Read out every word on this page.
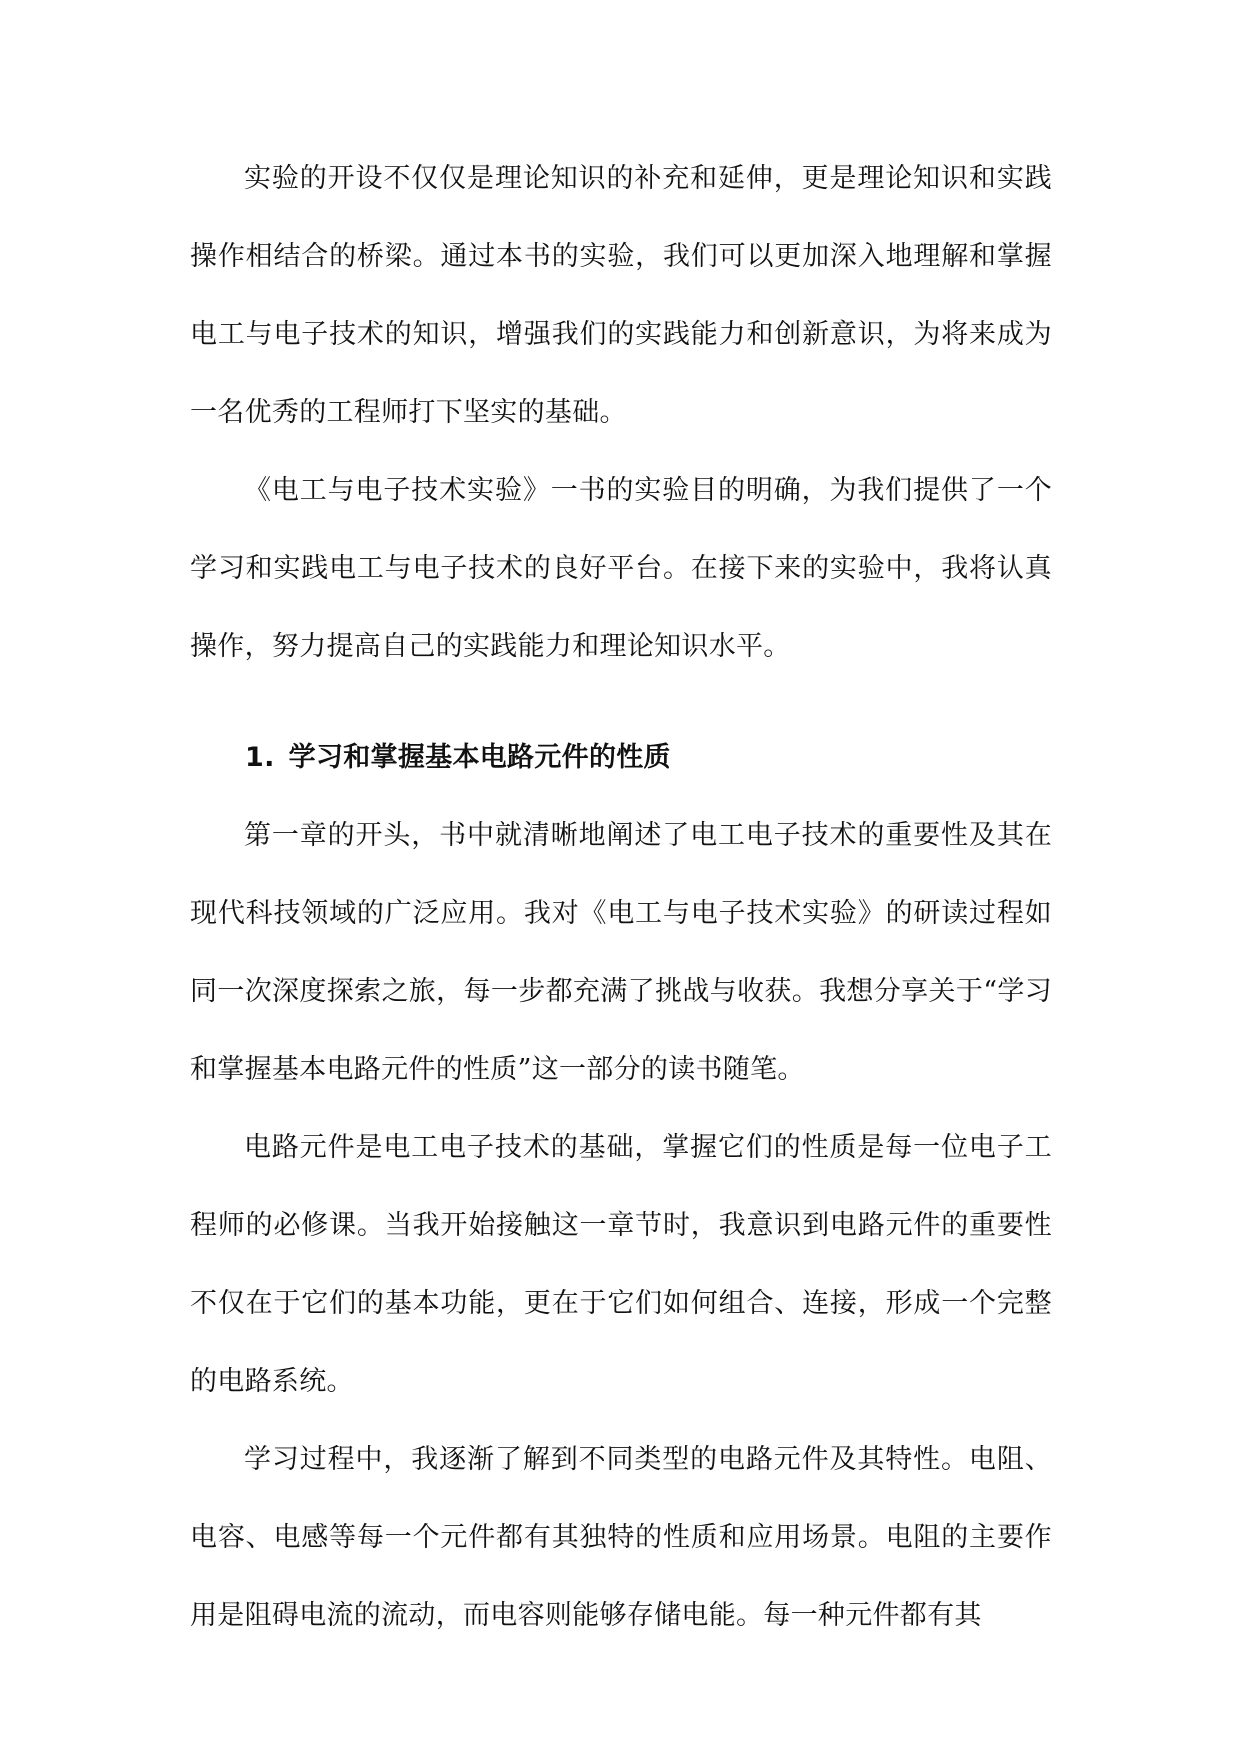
实验的开设不仅仅是理论知识的补充和延伸，更是理论知识和实践操作相结合的桥梁。通过本书的实验，我们可以更加深入地理解和掌握电工与电子技术的知识，增强我们的实践能力和创新意识，为将来成为一名优秀的工程师打下坚实的基础。

《电工与电子技术实验》一书的实验目的明确，为我们提供了一个学习和实践电工与电子技术的良好平台。在接下来的实验中，我将认真操作，努力提高自己的实践能力和理论知识水平。

1. 学习和掌握基本电路元件的性质

第一章的开头，书中就清晰地阐述了电工电子技术的重要性及其在现代科技领域的广泛应用。我对《电工与电子技术实验》的研读过程如同一次深度探索之旅，每一步都充满了挑战与收获。我想分享关于“学习和掌握基本电路元件的性质”这一部分的读书随笔。

电路元件是电工电子技术的基础，掌握它们的性质是每一位电子工程师的必修课。当我开始接触这一章节时，我意识到电路元件的重要性不仅在于它们的基本功能，更在于它们如何组合、连接，形成一个完整的电路系统。

学习过程中，我逐渐了解到不同类型的电路元件及其特性。电阻、电容、电感等每一个元件都有其独特的性质和应用场景。电阻的主要作用是阻碍电流的流动，而电容则能够存储电能。每一种元件都有其
